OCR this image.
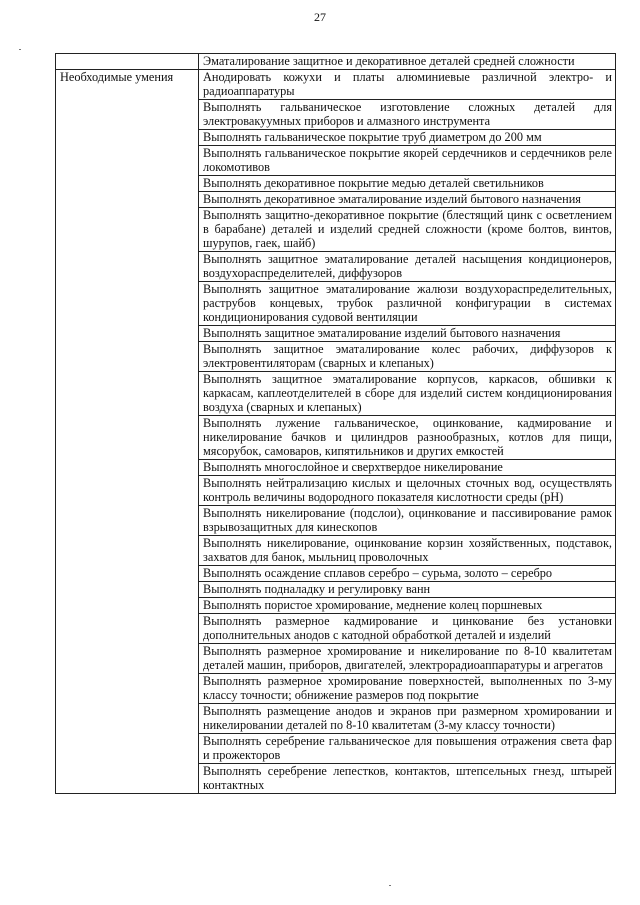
27

	Эматалирование защитное и декоративное деталей средней сложности

Необходимые умения	Анодировать кожухи и платы алюминиевые различной электро- и радиоаппаратуры

	Выполнять гальваническое изготовление сложных деталей для электровакуумных приборов и алмазного инструмента

	Выполнять гальваническое покрытие труб диаметром до 200 мм

	Выполнять гальваническое покрытие якорей сердечников и сердечников реле локомотивов

	Выполнять декоративное покрытие медью деталей светильников

	Выполнять декоративное эматалирование изделий бытового назначения

	Выполнять защитно-декоративное покрытие (блестящий цинк с осветлением в барабане) деталей и изделий средней сложности (кроме болтов, винтов, шурупов, гаек, шайб)

	Выполнять защитное эматалирование деталей насыщения кондиционеров, воздухораспределителей, диффузоров

	Выполнять защитное эматалирование жалюзи воздухораспределительных, раструбов концевых, трубок различной конфигурации в системах кондиционирования судовой вентиляции

	Выполнять защитное эматалирование изделий бытового назначения

	Выполнять защитное эматалирование колес рабочих, диффузоров к электровентиляторам (сварных и клепаных)

	Выполнять защитное эматалирование корпусов, каркасов, обшивки к каркасам, каплеотделителей в сборе для изделий систем кондиционирования воздуха (сварных и клепаных)

	Выполнять лужение гальваническое, оцинкование, кадмирование и никелирование бачков и цилиндров разнообразных, котлов для пищи, мясорубок, самоваров, кипятильников и других емкостей

	Выполнять многослойное и сверхтвердое никелирование

	Выполнять нейтрализацию кислых и щелочных сточных вод, осуществлять контроль величины водородного показателя кислотности среды (pH)

	Выполнять никелирование (подслои), оцинкование и пассивирование рамок взрывозащитных для кинескопов

	Выполнять никелирование, оцинкование корзин хозяйственных, подставок, захватов для банок, мыльниц проволочных

	Выполнять осаждение сплавов серебро – сурьма, золото – серебро

	Выполнять подналадку и регулировку ванн

	Выполнять пористое хромирование, меднение колец поршневых

	Выполнять размерное кадмирование и цинкование без установки дополнительных анодов с катодной обработкой деталей и изделий

	Выполнять размерное хромирование и никелирование по 8-10 квалитетам деталей машин, приборов, двигателей, электрорадиоаппаратуры и агрегатов

	Выполнять размерное хромирование поверхностей, выполненных по 3-му классу точности; обнижение размеров под покрытие

	Выполнять размещение анодов и экранов при размерном хромировании и никелировании деталей по 8-10 квалитетам (3-му классу точности)

	Выполнять серебрение гальваническое для повышения отражения света фар и прожекторов

	Выполнять серебрение лепестков, контактов, штепсельных гнезд, штырей контактных
